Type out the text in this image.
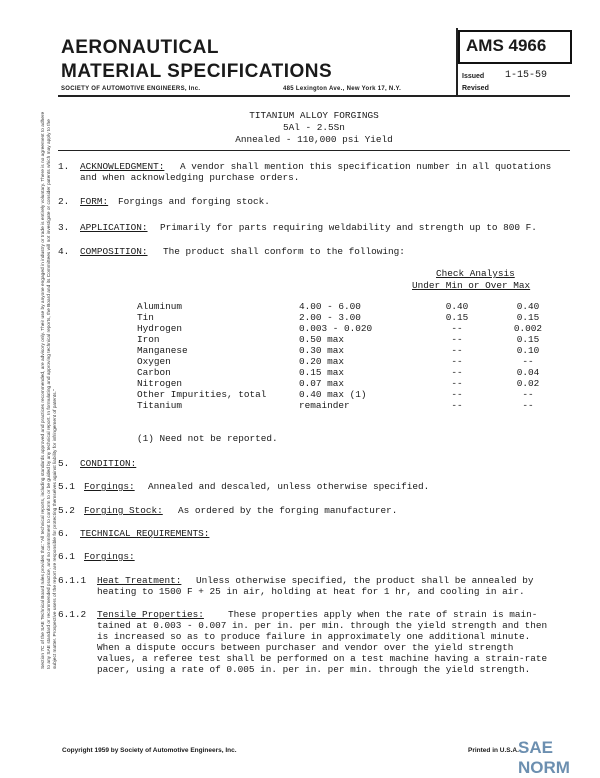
Section 7C of the SAE Technical Board rules provides that: "All technical reports, including standards approved and practices recommended, are advisory only. Their use by anyone engaged in industry or trade is entirely voluntary. There is no agreement to adhere to any SAE standard or recommended practice, and no commitment to conform to or be guided by any technical report. In formulating and approving technical reports, the Board and its Committees will not investigate or consider patents which may apply to the subject matter. Prospective users of the report are responsible for protecting themselves against liability for infringement of patents."
AERONAUTICAL
MATERIAL SPECIFICATIONS
SOCIETY OF AUTOMOTIVE ENGINEERS, Inc.	485 Lexington Ave., New York 17, N.Y.
AMS 4966
Issued 1-15-59
Revised
TITANIUM ALLOY FORGINGS
5Al - 2.5Sn
Annealed - 110,000 psi Yield
1. ACKNOWLEDGMENT: A vendor shall mention this specification number in all quotations
and when acknowledging purchase orders.
2. FORM: Forgings and forging stock.
3. APPLICATION: Primarily for parts requiring weldability and strength up to 800 F.
4. COMPOSITION: The product shall conform to the following:
Check Analysis
Under Min or Over Max
Aluminum	4.00 - 6.00	0.40	0.40
Tin	2.00 - 3.00	0.15	0.15
Hydrogen	0.003 - 0.020	--	0.002
Iron	0.50 max	--	0.15
Manganese	0.30 max	--	0.10
Oxygen	0.20 max	--	--
Carbon	0.15 max	--	0.04
Nitrogen	0.07 max	--	0.02
Other Impurities, total	0.40 max (1)	--	--
Titanium	remainder	--	--
(1) Need not be reported.
5. CONDITION:
5.1 Forgings: Annealed and descaled, unless otherwise specified.
5.2 Forging Stock: As ordered by the forging manufacturer.
6. TECHNICAL REQUIREMENTS:
6.1 Forgings:
6.1.1 Heat Treatment: Unless otherwise specified, the product shall be annealed by
heating to 1500 F + 25 in air, holding at heat for 1 hr, and cooling in air.
6.1.2 Tensile Properties:	These properties apply when the rate of strain is main-
tained at 0.003 - 0.007 in. per in. per min. through the yield strength and then
is increased so as to produce failure in approximately one additional minute.
When a dispute occurs between purchaser and vendor over the yield strength
values, a referee test shall be performed on a test machine having a strain-rate
pacer, using a rate of 0.005 in. per in. per min. through the yield strength.
Copyright 1959 by Society of Automotive Engineers, Inc.	Printed in U.S.A. SAE NORM
